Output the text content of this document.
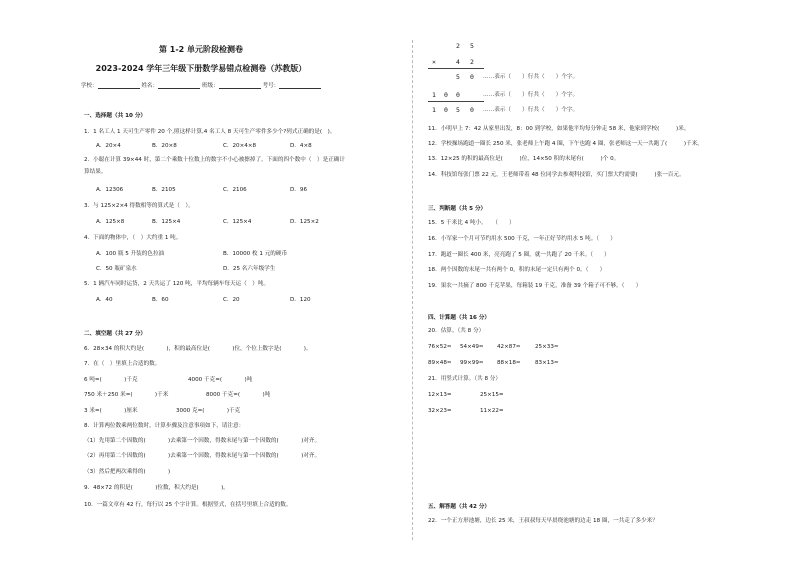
第 1-2 单元阶段检测卷
2023-2024 学年三年级下册数学易错点检测卷（苏教版）
学校：	姓名：	班级：	考号：
一、选择题（共 10 分）
1．1 名工人 1 天可生产零件 20 个,照这样计算,4 名工人 8 天可生产零件多少个?列式正确的是(　)。
A．20×4	B．20×8	C．20×4×8	D．4×8
2．小聪在计算 39×44 时，第二个乘数十位数上的数字不小心被擦掉了。下面的四个数中（　）是正确计
算结果。
A．12306	B．2105	C．2106	D．96
3．与 125×2×4 得数相等的算式是（　）。
A．125×8	B．125×4	C．125×4	D．125×2
4．下面的物体中，（　）大约重 1 吨。
A．100 瓶 5 升装的色拉油	B．10000 枚 1 元的硬币
C．50 瓶矿泉水	D．25 名六年级学生
5．1 辆汽车同时运货，2 天共运了 120 吨，平均每辆车每天运（　）吨。
A．40	B．60	C．20	D．120
二、填空题（共 27 分）
6．28×34 的积大约是(　　　　)，积的最高位是(　　　　)位，个位上数字是(　　　　)。
7．在（　）里填上合适的数。
6 吨=(　　　　)千克	4000 千克=(　　　　)吨
750 米＋250 米=(　　　　)千米	8000 千克=(　　　　)吨
3 米=(　　　　)厘米	3000 克=(　　　　)千克
8．计算两位数乘两位数时，计算步骤及注意事项如下，请注意：
（1）先用第二个因数的(　　　　)去乘第一个因数，得数末尾与第一个因数的(　　　　)对齐。
（2）再用第二个因数的(　　　　)去乘第一个因数，得数末尾与第一个因数的(　　　　)对齐。
（3）然后把两次乘得的(　　　　)
9．48×72 的积是(　　　　)位数，积大约是(　　　　)。
10．一篇文章有 42 行，每行以 25 个字计算。根据竖式，在括号里填上合适的数。
2 5
×	4 2
5 0 ……表示（　　）行共（　　）个字。
1 0 0	……表示（　　）行共（　　）个字。
1 0 5 0 ……表示（　　）行共（　　）个字。
11．小明早上 7：42 从家里出发，8：00 到学校，如果他平均每分钟走 58 米，他家到学校(　　　)米。
12．学校操场跑道一圈长 250 米，张老师上午跑 4 圈，下午也跑 4 圈，张老师这一天一共跑了(　　　)千米。
13．12×25 的积的最高位是(　　　)位，14×50 积的末尾有(　　　)个 0。
14．科技馆每张门票 22 元，王老师带着 48 位同学去参观科技馆，买门票大约需要(　　　)张一百元。
三、判断题（共 5 分）
15．5 千米比 4 吨小。　　（　　）
16．小军家一个月可节约用水 500 千克，一年正好节约用水 5 吨。（　　）
17．跑道一圈长 400 米，亮亮跑了 5 圈，就一共跑了 20 千米。（　　）
18．两个因数的末尾一共有两个 0，积的末尾一定只有两个 0。（　　）
19．果农一共摘了 800 千克苹果，每箱装 19 千克，准备 39 个箱子可不够。（　　）
四、计算题（共 16 分）
20．估算。（共 8 分）
76×52≈ 54×49≈ 42×87≈	25×33≈
89×48≈ 99×99≈ 88×18≈	83×13≈
21．用竖式计算。（共 8 分）
12×13=	25×15=
32×23=	11×22=
五、解答题（共 42 分）
22．一个正方形池塘，边长 25 米，王叔叔每天早晨绕池塘的边走 18 圈，一共走了多少米？
